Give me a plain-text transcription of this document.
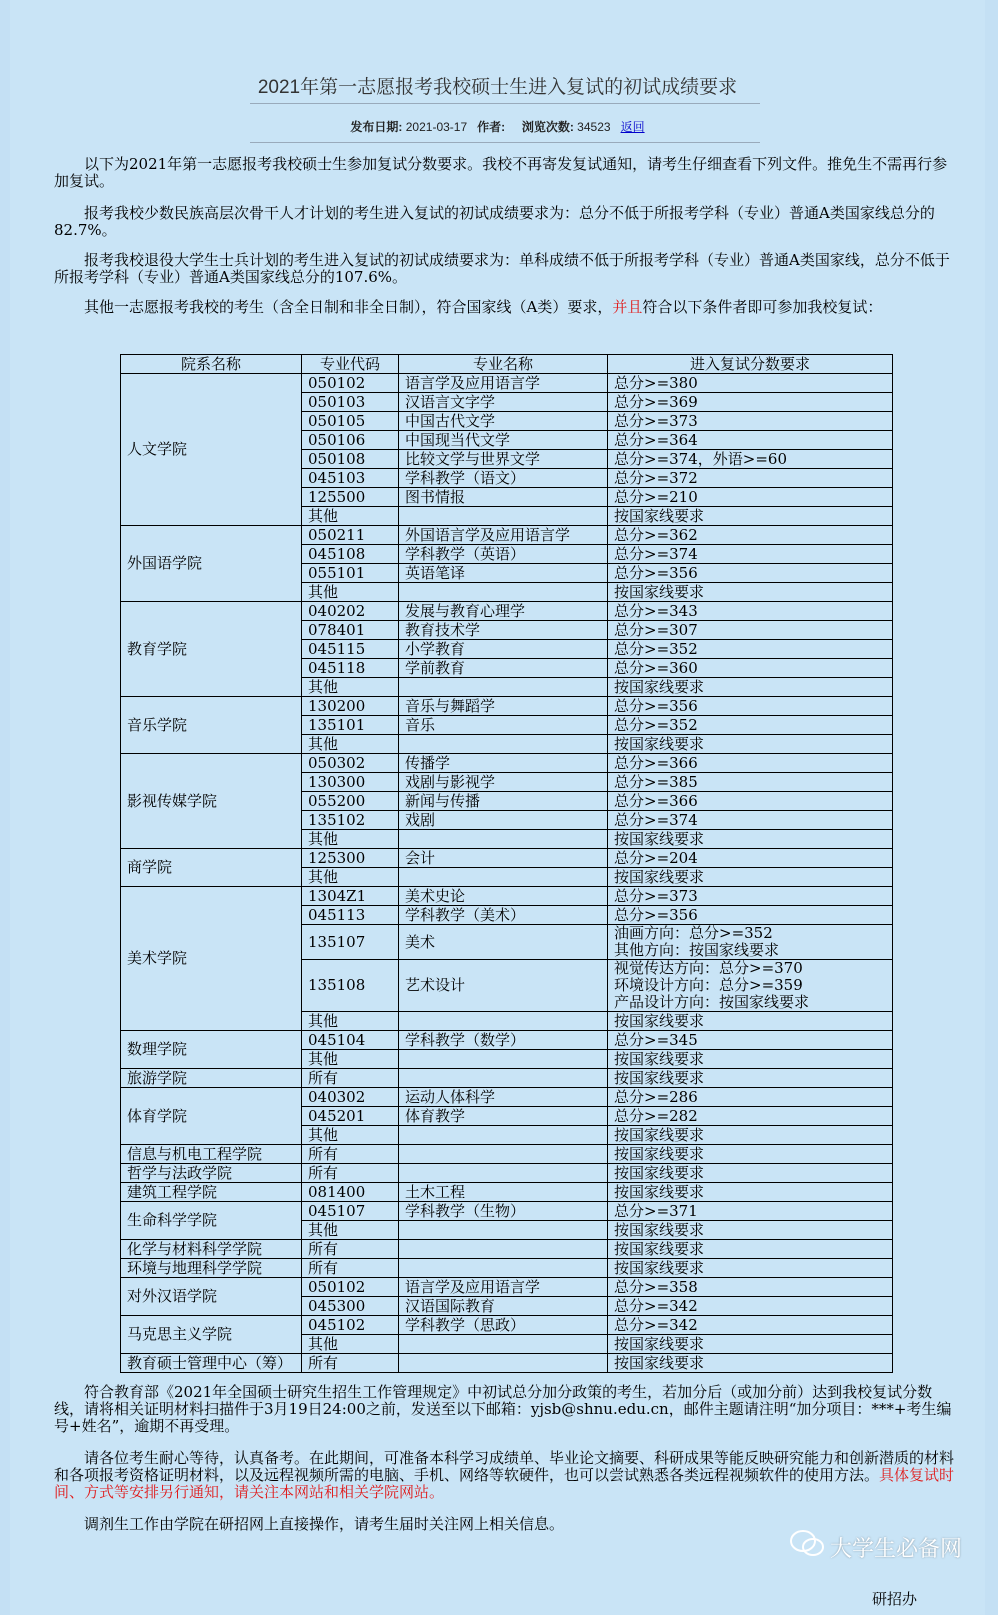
2021年第一志愿报考我校硕士生进入复试的初试成绩要求
发布日期: 2021-03-17 作者: 浏览次数: 34523 返回
以下为2021年第一志愿报考我校硕士生参加复试分数要求。我校不再寄发复试通知，请考生仔细查看下列文件。推免生不需再行参加复试。
报考我校少数民族高层次骨干人才计划的考生进入复试的初试成绩要求为：总分不低于所报考学科（专业）普通A类国家线总分的82.7%。
报考我校退役大学生士兵计划的考生进入复试的初试成绩要求为：单科成绩不低于所报考学科（专业）普通A类国家线，总分不低于所报考学科（专业）普通A类国家线总分的107.6%。
其他一志愿报考我校的考生（含全日制和非全日制），符合国家线（A类）要求，并且符合以下条件者即可参加我校复试：
院系名称	专业代码	专业名称	进入复试分数要求
人文学院	050102	语言学及应用语言学	总分>=380
	050103	汉语言文字学	总分>=369
	050105	中国古代文学	总分>=373
	050106	中国现当代文学	总分>=364
	050108	比较文学与世界文学	总分>=374，外语>=60
	045103	学科教学（语文）	总分>=372
	125500	图书情报	总分>=210
	其他		按国家线要求
外国语学院	050211	外国语言学及应用语言学	总分>=362
	045108	学科教学（英语）	总分>=374
	055101	英语笔译	总分>=356
	其他		按国家线要求
教育学院	040202	发展与教育心理学	总分>=343
	078401	教育技术学	总分>=307
	045115	小学教育	总分>=352
	045118	学前教育	总分>=360
	其他		按国家线要求
音乐学院	130200	音乐与舞蹈学	总分>=356
	135101	音乐	总分>=352
	其他		按国家线要求
影视传媒学院	050302	传播学	总分>=366
	130300	戏剧与影视学	总分>=385
	055200	新闻与传播	总分>=366
	135102	戏剧	总分>=374
	其他		按国家线要求
商学院	125300	会计	总分>=204
	其他		按国家线要求
美术学院	1304Z1	美术史论	总分>=373
	045113	学科教学（美术）	总分>=356
	135107	美术	油画方向：总分>=352
其他方向：按国家线要求
	135108	艺术设计	视觉传达方向：总分>=370
环境设计方向：总分>=359
产品设计方向：按国家线要求
	其他		按国家线要求
数理学院	045104	学科教学（数学）	总分>=345
	其他		按国家线要求
旅游学院	所有		按国家线要求
体育学院	040302	运动人体科学	总分>=286
	045201	体育教学	总分>=282
	其他		按国家线要求
信息与机电工程学院	所有		按国家线要求
哲学与法政学院	所有		按国家线要求
建筑工程学院	081400	土木工程	按国家线要求
生命科学学院	045107	学科教学（生物）	总分>=371
	其他		按国家线要求
化学与材料科学学院	所有		按国家线要求
环境与地理科学学院	所有		按国家线要求
对外汉语学院	050102	语言学及应用语言学	总分>=358
	045300	汉语国际教育	总分>=342
马克思主义学院	045102	学科教学（思政）	总分>=342
	其他		按国家线要求
教育硕士管理中心（筹）	所有		按国家线要求
符合教育部《2021年全国硕士研究生招生工作管理规定》中初试总分加分政策的考生，若加分后（或加分前）达到我校复试分数线，请将相关证明材料扫描件于3月19日24:00之前，发送至以下邮箱：yjsb@shnu.edu.cn，邮件主题请注明“加分项目：***+考生编号+姓名”，逾期不再受理。
请各位考生耐心等待，认真备考。在此期间，可准备本科学习成绩单、毕业论文摘要、科研成果等能反映研究能力和创新潜质的材料和各项报考资格证明材料，以及远程视频所需的电脑、手机、网络等软硬件，也可以尝试熟悉各类远程视频软件的使用方法。具体复试时间、方式等安排另行通知，请关注本网站和相关学院网站。
调剂生工作由学院在研招网上直接操作，请考生届时关注网上相关信息。
大学生必备网
研招办
